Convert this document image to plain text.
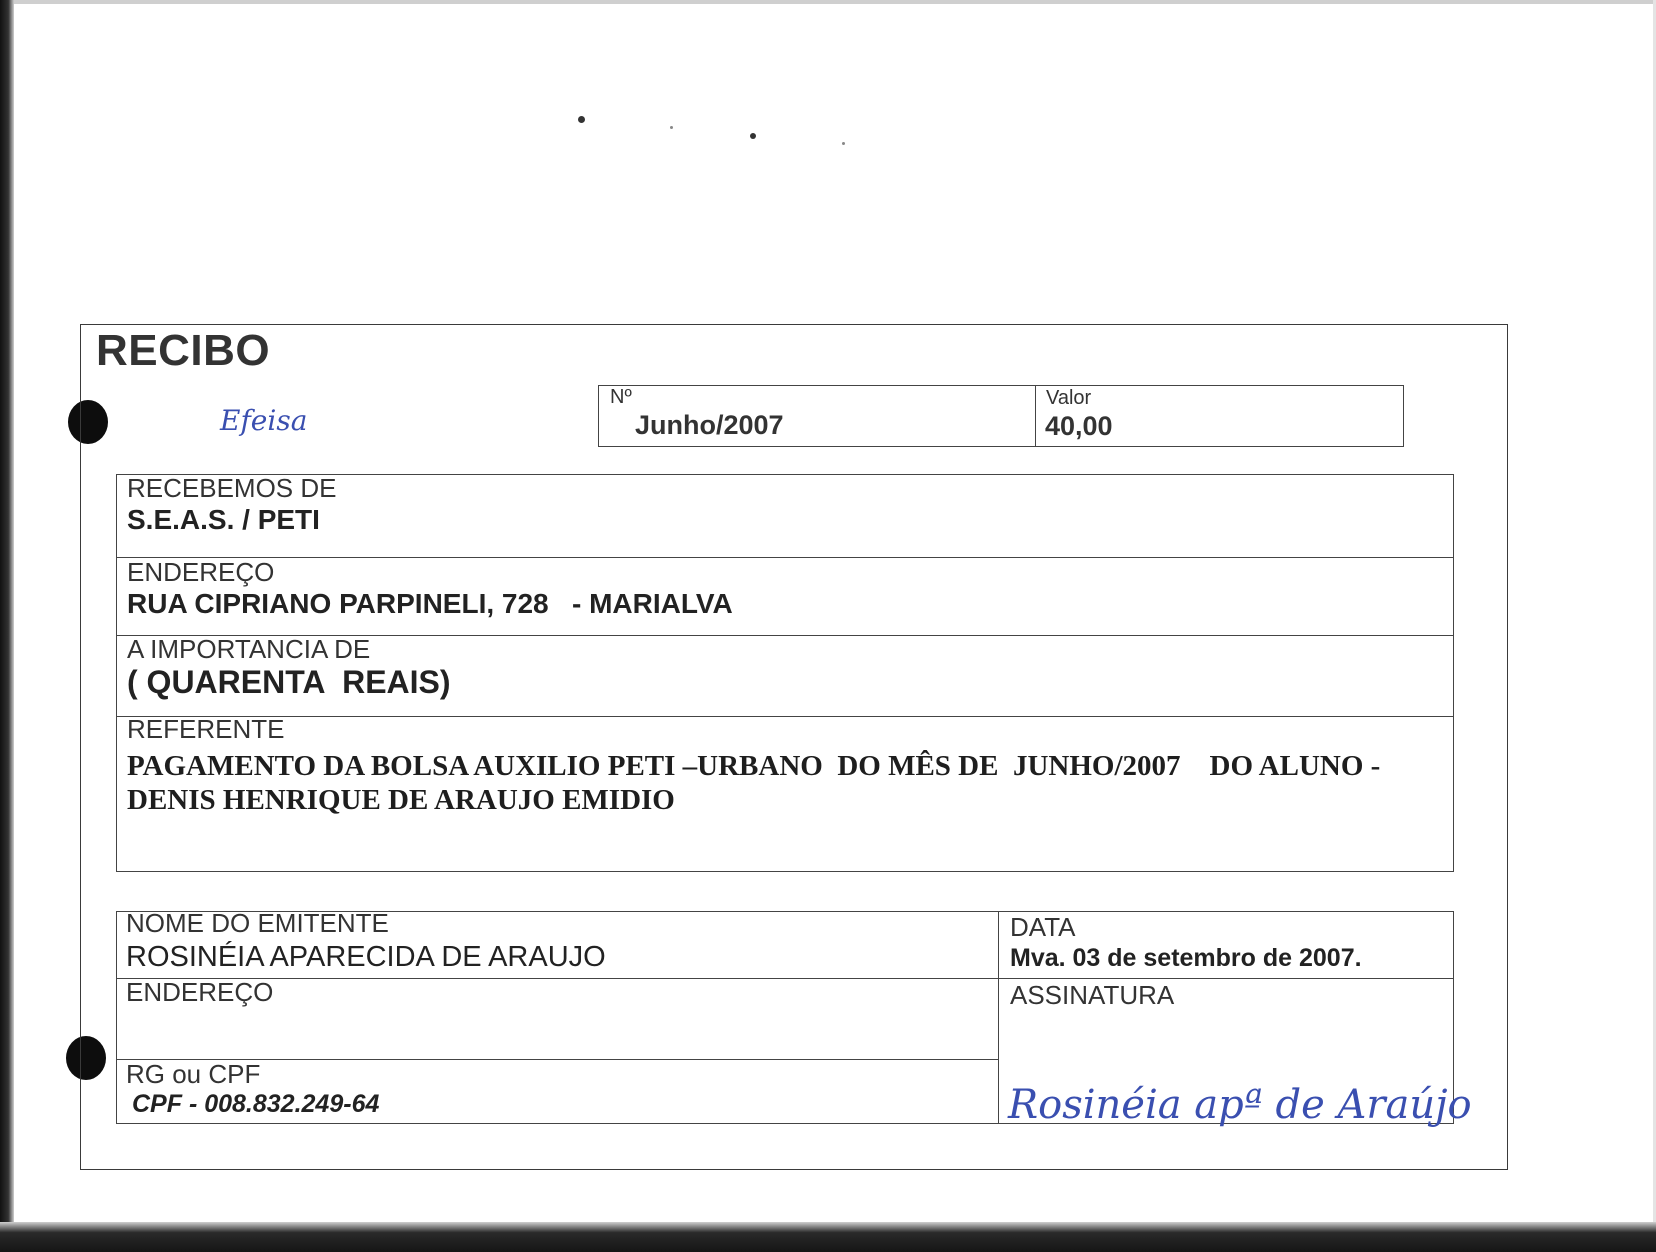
RECIBO
Efeisa
Nº
Junho/2007
Valor
40,00
RECEBEMOS DE
S.E.A.S. / PETI
ENDEREÇO
RUA CIPRIANO PARPINELI, 728   - MARIALVA
A IMPORTANCIA DE
( QUARENTA  REAIS)
REFERENTE
PAGAMENTO DA BOLSA AUXILIO PETI –URBANO  DO MÊS DE  JUNHO/2007    DO ALUNO -  DENIS HENRIQUE DE ARAUJO EMIDIO
NOME DO EMITENTE
ROSINÉIA APARECIDA DE ARAUJO
ENDEREÇO
RG ou CPF
CPF - 008.832.249-64
DATA
Mva. 03 de setembro de 2007.
ASSINATURA
Rosinéia apª de Araújo
